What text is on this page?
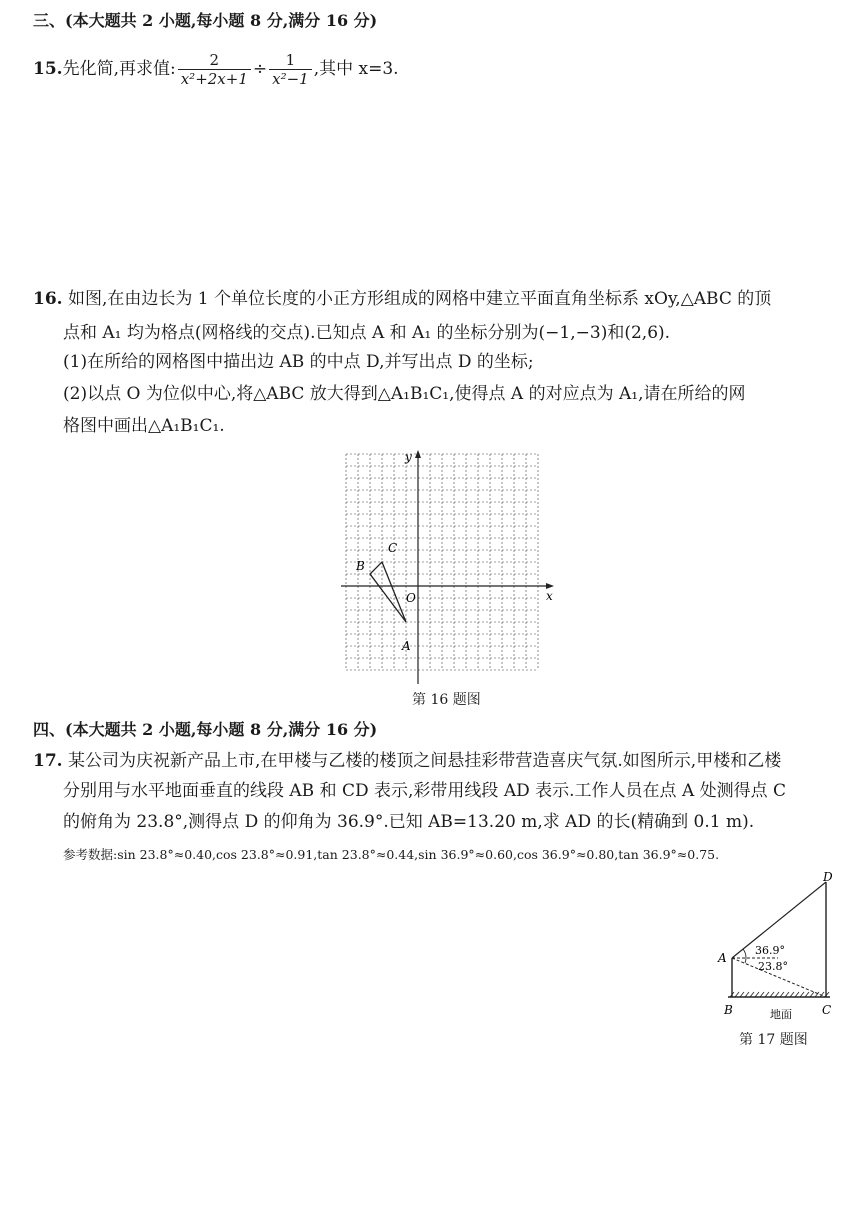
三、(本大题共 2 小题,每小题 8 分,满分 16 分)
15. 先化简,再求值: $\frac{2}{\text{x²+2x+1}} \div \frac{1}{\text{x²−1}}$ ,其中 x=3.
16. 如图,在由边长为 1 个单位长度的小正方形组成的网格中建立平面直角坐标系 xOy,△ABC 的顶
点和 A₁ 均为格点(网格线的交点).已知点 A 和 A₁ 的坐标分别为(−1,−3)和(2,6).
(1)在所给的网格图中描出边 AB 的中点 D,并写出点 D 的坐标;
(2)以点 O 为位似中心,将△ABC 放大得到△A₁B₁C₁,使得点 A 的对应点为 A₁,请在所给的网
格图中画出△A₁B₁C₁.
y
x
O
A
B
C
第 16 题图
四、(本大题共 2 小题,每小题 8 分,满分 16 分)
17. 某公司为庆祝新产品上市,在甲楼与乙楼的楼顶之间悬挂彩带营造喜庆气氛.如图所示,甲楼和乙楼
分别用与水平地面垂直的线段 AB 和 CD 表示,彩带用线段 AD 表示.工作人员在点 A 处测得点 C
的俯角为 23.8°,测得点 D 的仰角为 36.9°.已知 AB=13.20 m,求 AD 的长(精确到 0.1 m).
参考数据:sin 23.8°≈0.40,cos 23.8°≈0.91,tan 23.8°≈0.44,sin 36.9°≈0.60,cos 36.9°≈0.80,tan 36.9°≈0.75.
36.9°
23.8°
D
A
B	C
地面
第 17 题图
